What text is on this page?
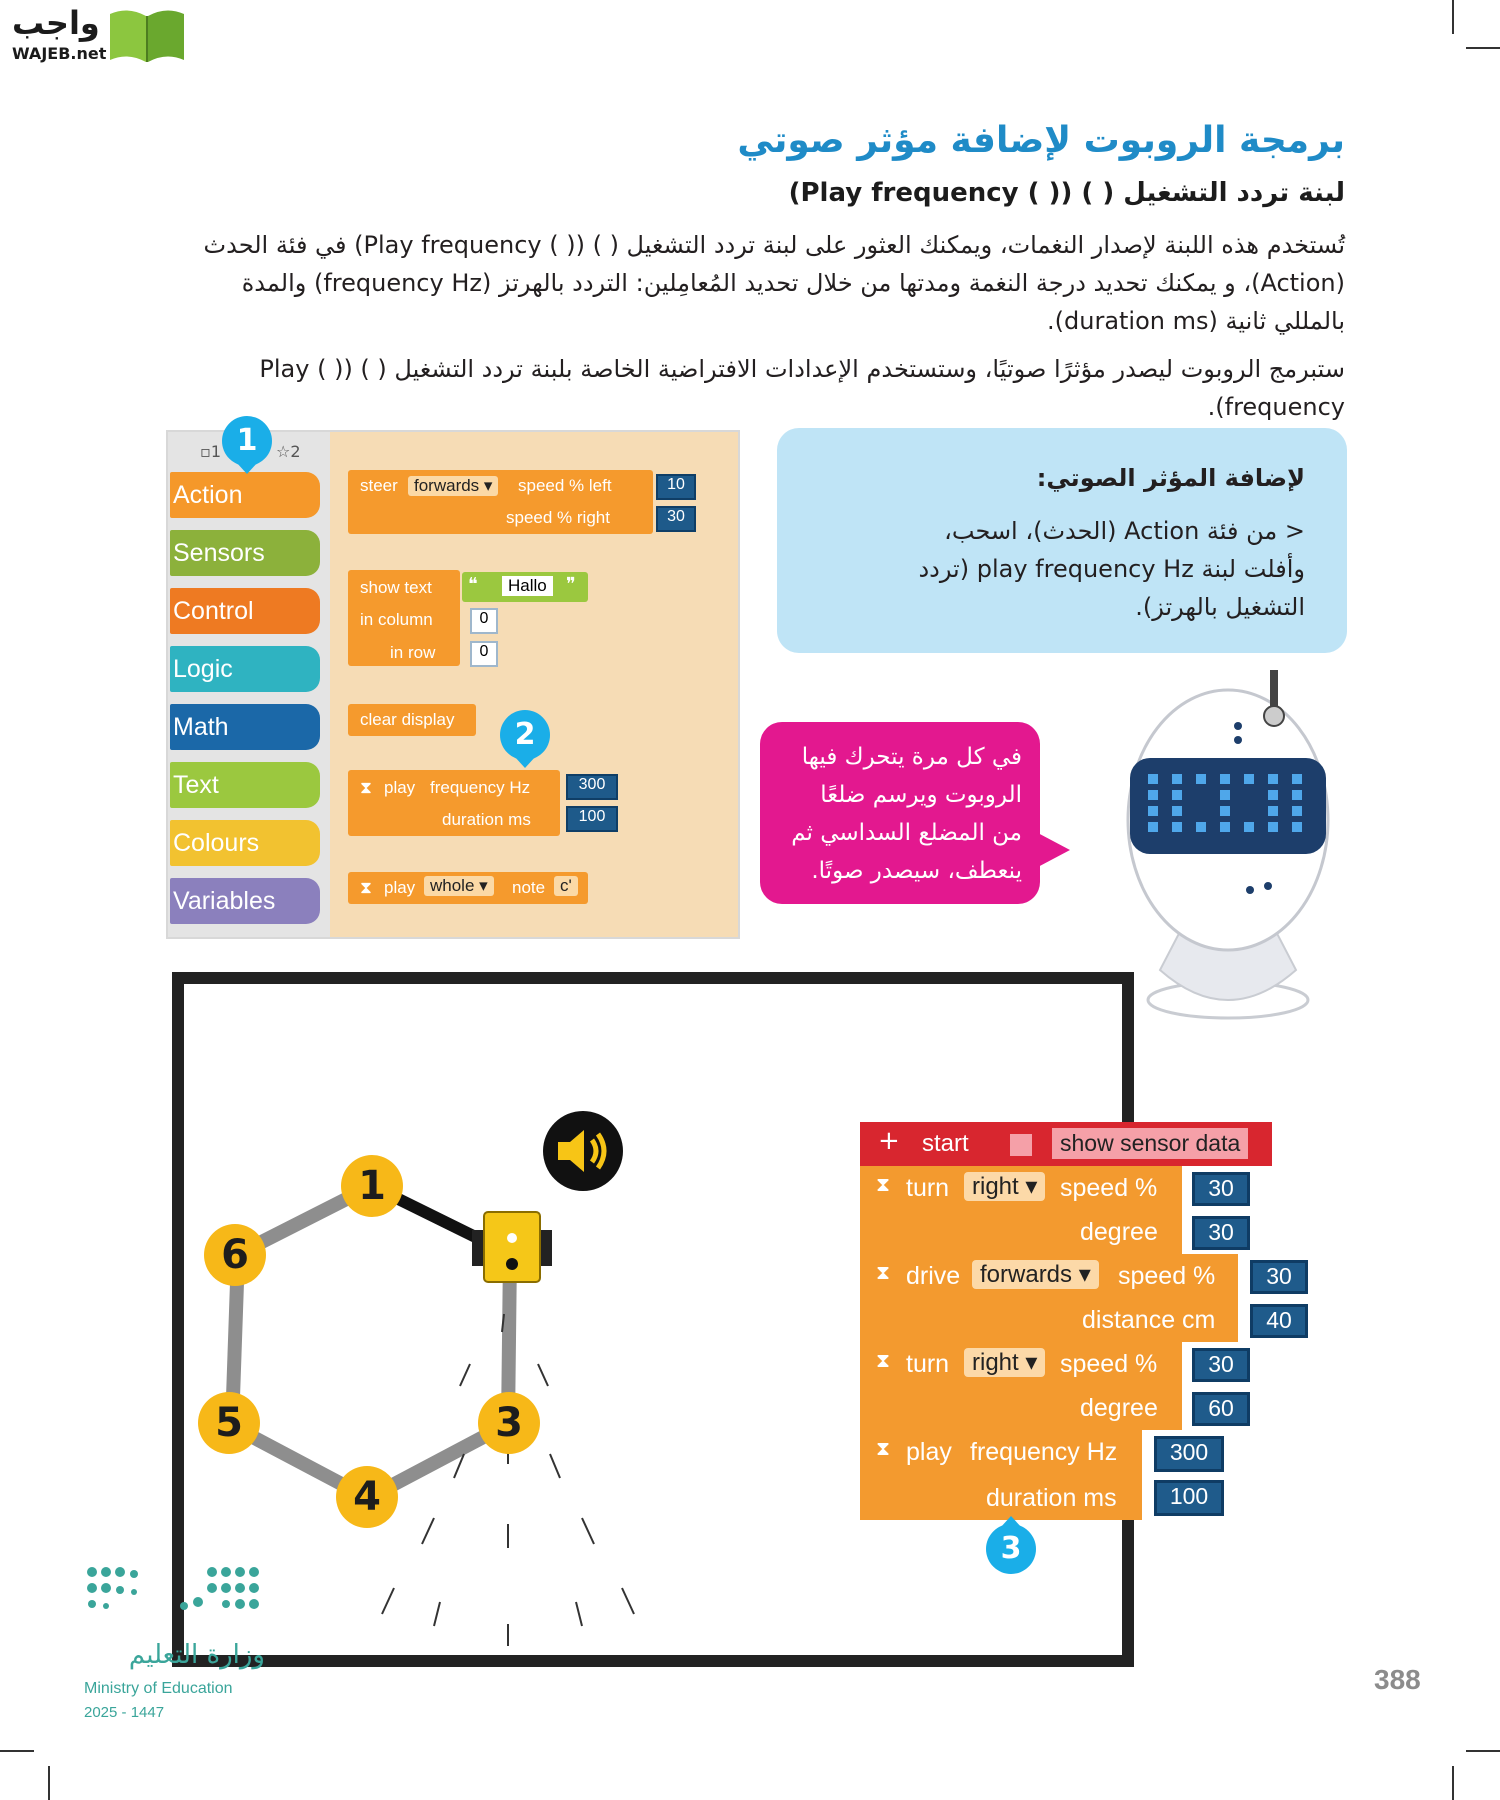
واجب
WAJEB.net
برمجة الروبوت لإضافة مؤثر صوتي
لبنة تردد التشغيل ( ) (( ) Play frequency)
تُستخدم هذه اللبنة لإصدار النغمات، ويمكنك العثور على لبنة تردد التشغيل ( ) (( ) Play frequency) في فئة الحدث (Action)، و يمكنك تحديد درجة النغمة ومدتها من خلال تحديد المُعامِلين: التردد بالهرتز (frequency Hz) والمدة بالمللي ثانية (duration ms).
ستبرمج الروبوت ليصدر مؤثرًا صوتيًا، وستستخدم الإعدادات الافتراضية الخاصة بلبنة تردد التشغيل ( ) (( ) Play frequency).
▫1	☆2
Action
Sensors
Control
Logic
Math
Text
Colours
Variables
steer forwards ▾	speed % left
speed % right
10
30
show text
in column
in row
❝	Hallo	❞
0
0
clear display
⧗ play frequency Hz
duration ms
300
100
⧗ play whole ▾	note c'
1
2
لإضافة المؤثر الصوتي:
< من فئة Action (الحدث)، اسحب،
وأفلت لبنة play frequency Hz (تردد
التشغيل بالهرتز).
في كل مرة يتحرك فيها
الروبوت ويرسم ضلعًا
من المضلع السداسي ثم
ينعطف، سيصدر صوتًا.
1
6
3
5
4
+ start	show sensor data
⧗ turn right ▾ speed %
degree
30
30
⧗ drive forwards ▾	speed %
distance cm
30
40
⧗ turn right ▾ speed %
degree
30
60
⧗ play frequency Hz
duration ms
300
100
3
وزارة التعليم
Ministry of Education
2025 - 1447
388
